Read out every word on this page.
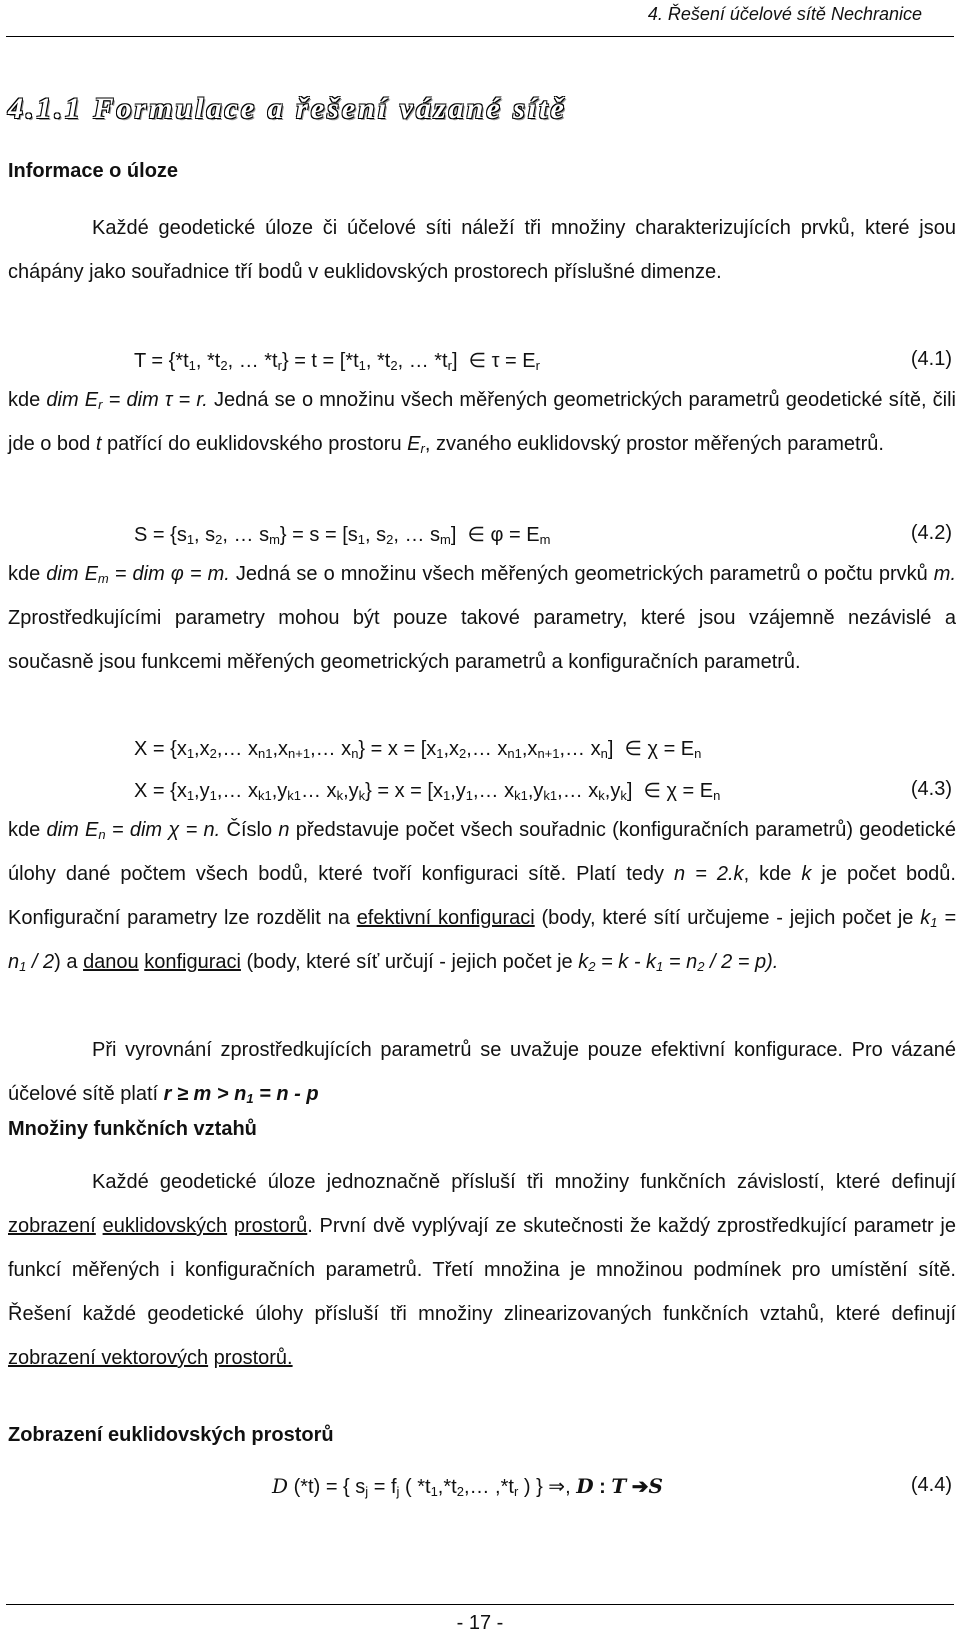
4. Řešení účelové sítě Nechranice
4.1.1 Formulace a řešení vázané sítě
Informace o úloze
Každé geodetické úloze či účelové síti náleží tři množiny charakterizujících prvků, které jsou chápány jako souřadnice tří bodů v euklidovských prostorech příslušné dimenze.
$T = \{*t_1$, $*t_2$, … $*t_r\} = t = [*t_1$, $*t_2$, … $*t_r$]  ∈ $\tau = E_r$	(4.1)
kde dim $E_r$ = dim τ = r. Jedná se o množinu všech měřených geometrických parametrů geodetické sítě, čili jde o bod t patřící do euklidovského prostoru $E_r$, zvaného euklidovský prostor měřených parametrů.
$S = \{s_1$, $s_2$, … $s_m\} = s = [s_1$, $s_2$, … $s_m$]  ∈ $\varphi = E_m$	(4.2)
kde dim $E_m$ = dim φ = m. Jedná se o množinu všech měřených geometrických parametrů o počtu prvků m. Zprostředkujícími parametry mohou být pouze takové parametry, které jsou vzájemně nezávislé a současně jsou funkcemi měřených geometrických parametrů a konfiguračních parametrů.
$X = \{x_1,x_2,\dots$ $x_{n1},x_{n+1},\dots$ $x_n\} = x$ = [$x_1,x_2,\dots$ $x_{n1},x_{n+1},\dots$ $x_n$]  ∈ $\chi = E_n$
$X = \{x_1,y_1,\dots$ $x_{k1},y_{k1}\dots$ $x_k,y_k\} = x$ = [$x_1,y_1,\dots$ $x_{k1},y_{k1},\dots$ $x_k,y_k$]  ∈ $\chi = E_n$	(4.3)
kde dim $E_n$ = dim χ = n. Číslo n představuje počet všech souřadnic (konfiguračních parametrů) geodetické úlohy dané počtem všech bodů, které tvoří konfiguraci sítě. Platí tedy n = 2.k, kde k je počet bodů. Konfigurační parametry lze rozdělit na efektivní konfiguraci (body, které sítí určujeme - jejich počet je $k_1 = n_1 / 2$) a danou konfiguraci (body, které síť určují - jejich počet je $k_2 = k - k_1 = n_2 / 2 = p$).
Při vyrovnání zprostředkujících parametrů se uvažuje pouze efektivní konfigurace. Pro vázané účelové sítě platí $r \ge m > n_1 = n - p$
Množiny funkčních vztahů
Každé geodetické úloze jednoznačně přísluší tři množiny funkčních závislostí, které definují zobrazení euklidovských prostorů. První dvě vyplývají ze skutečnosti že každý zprostředkující parametr je funkcí měřených i konfiguračních parametrů. Třetí množina je množinou podmínek pro umístění sítě. Řešení každé geodetické úlohy přísluší tři množiny zlinearizovaných funkčních vztahů, které definují zobrazení vektorových prostorů.
Zobrazení euklidovských prostorů
D (*t) = { $s_j = f_j$ ( $*t_1,*t_2,\dots$ $,*t_r$ ) } ⇒, D : T ➔S	(4.4)
- 17 -
